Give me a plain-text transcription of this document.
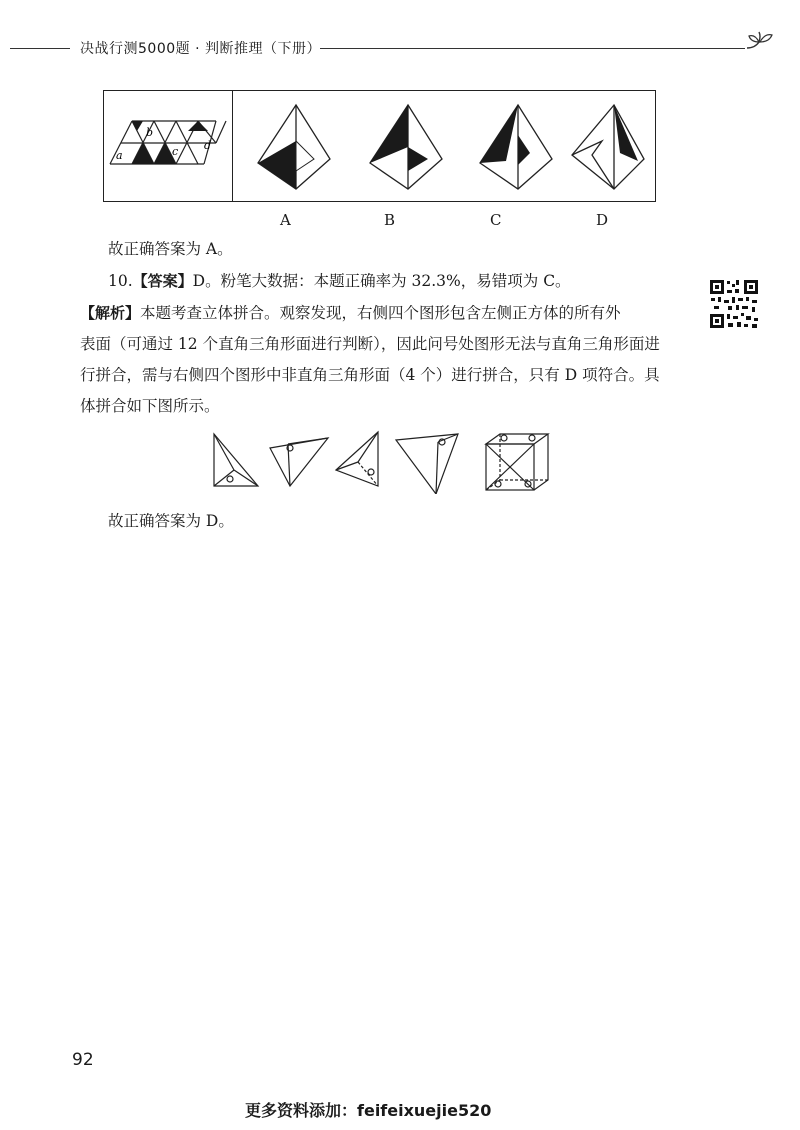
决战行测5000题 · 判断推理（下册）
b
a	c d
A	B	C	D
故正确答案为 A。
10.【答案】D。粉笔大数据：本题正确率为 32.3%，易错项为 C。
【解析】本题考查立体拼合。观察发现，右侧四个图形包含左侧正方体的所有外
表面（可通过 12 个直角三角形面进行判断），因此问号处图形无法与直角三角形面进
行拼合，需与右侧四个图形中非直角三角形面（4 个）进行拼合，只有 D 项符合。具
体拼合如下图所示。
故正确答案为 D。
92
更多资料添加：feifeixuejie520
